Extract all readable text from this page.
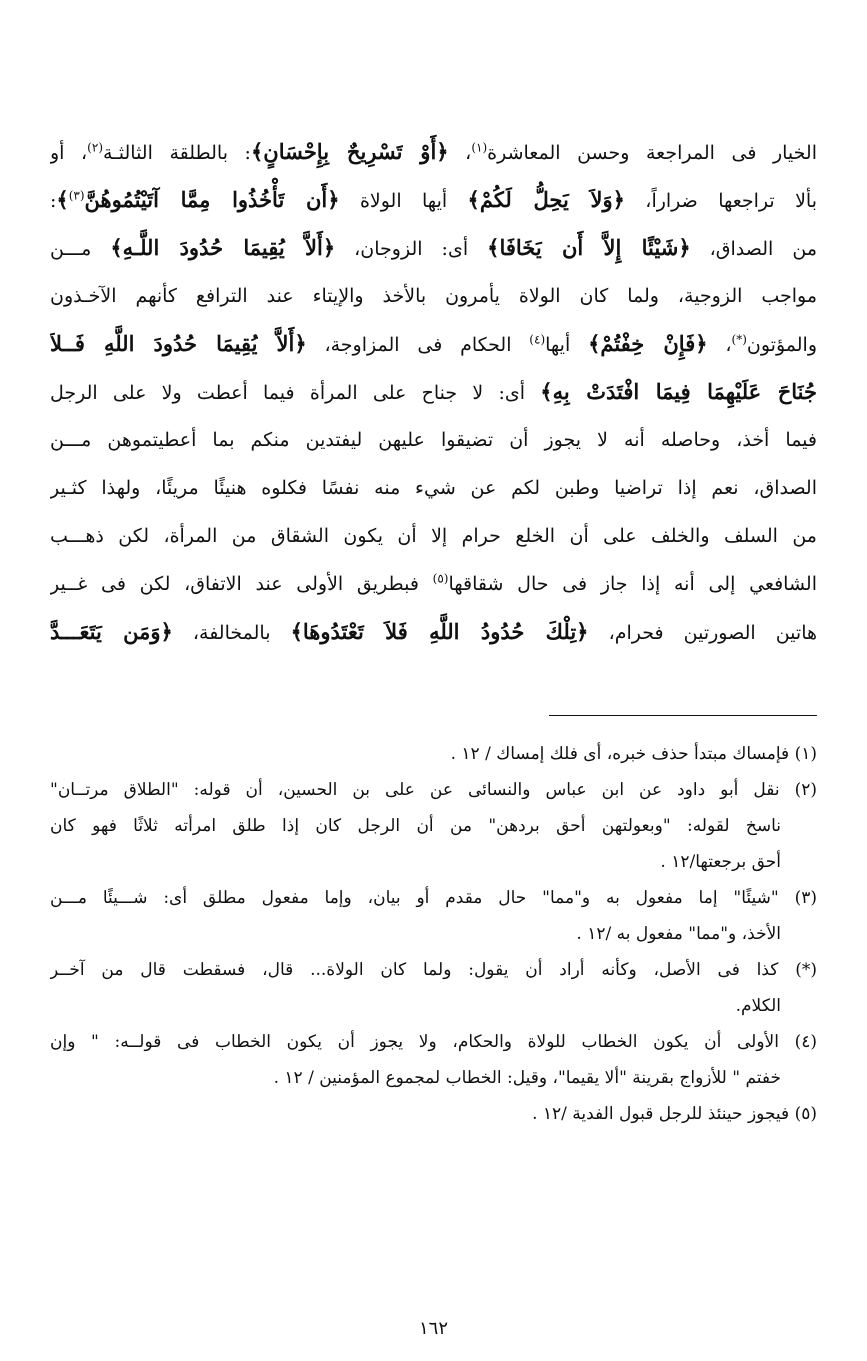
الخيار فى المراجعة وحسن المعاشرة$^{(١)}$، ﴿أَوْ تَسْرِيحٌ بِإِحْسَانٍ﴾: بالطلقة الثالثـة$^{(٢)}$، أو
بألا تراجعها ضراراً، ﴿وَلاَ يَحِلُّ لَكُمْ﴾ أيها الولاة ﴿أَن تَأْخُذُوا مِمَّا آتَيْتُمُوهُنَّ$^{(٣)}$﴾:
من الصداق، ﴿شَيْئًا إِلاَّ أَن يَخَافَا﴾ أى: الزوجان، ﴿أَلاَّ يُقِيمَا حُدُودَ اللَّـهِ﴾ مـــن
مواجب الزوجية، ولما كان الولاة يأمرون بالأخذ والإيتاء عند الترافع كأنهم الآخـذون
والمؤتون(*)، ﴿فَإِنْ خِفْتُمْ﴾ أيها$^{(٤)}$ الحكام فى المزاوجة، ﴿أَلاَّ يُقِيمَا حُدُودَ اللَّهِ فَــلاَ
جُنَاحَ عَلَيْهِمَا فِيمَا افْتَدَتْ بِهِ﴾ أى: لا جناح على المرأة فيما أعطت ولا على الرجل
فيما أخذ، وحاصله أنه لا يجوز أن تضيقوا عليهن ليفتدين منكم بما أعطيتموهن مـــن
الصداق، نعم إذا تراضيا وطبن لكم عن شيء منه نفسًا فكلوه هنيئًا مريئًا، ولهذا كثـير
من السلف والخلف على أن الخلع حرام إلا أن يكون الشقاق من المرأة، لكن ذهـــب
الشافعي إلى أنه إذا جاز فى حال شقاقها$^{(٥)}$ فبطريق الأولى عند الاتفاق، لكن فى غــير
هاتين الصورتين فحرام، ﴿تِلْكَ حُدُودُ اللَّهِ فَلاَ تَعْتَدُوهَا﴾ بالمخالفة، ﴿وَمَن يَتَعَـــدَّ
(١) فإمساك مبتدأ حذف خبره، أى فلك إمساك / ١٢ .
(٢) نقل أبو داود عن ابن عباس والنسائى عن على بن الحسين، أن قوله: "الطلاق مرتــان"
ناسخ لقوله: "وبعولتهن أحق بردهن" من أن الرجل كان إذا طلق امرأته ثلاثًا فهو كان
أحق برجعتها/١٢ .
(٣) "شيئًا" إما مفعول به و"مما" حال مقدم أو بيان، وإما مفعول مطلق أى: شـــيئًا مـــن
الأخذ، و"مما" مفعول به /١٢ .
(*) كذا فى الأصل، وكأنه أراد أن يقول: ولما كان الولاة... قال، فسقطت قال من آخــر
الكلام.
(٤) الأولى أن يكون الخطاب للولاة والحكام، ولا يجوز أن يكون الخطاب فى قولــه: " وإن
خفتم " للأزواج بقرينة "ألا يقيما"، وقيل: الخطاب لمجموع المؤمنين / ١٢ .
(٥) فيجوز حينئذ للرجل قبول الفدية /١٢ .
١٦٢
